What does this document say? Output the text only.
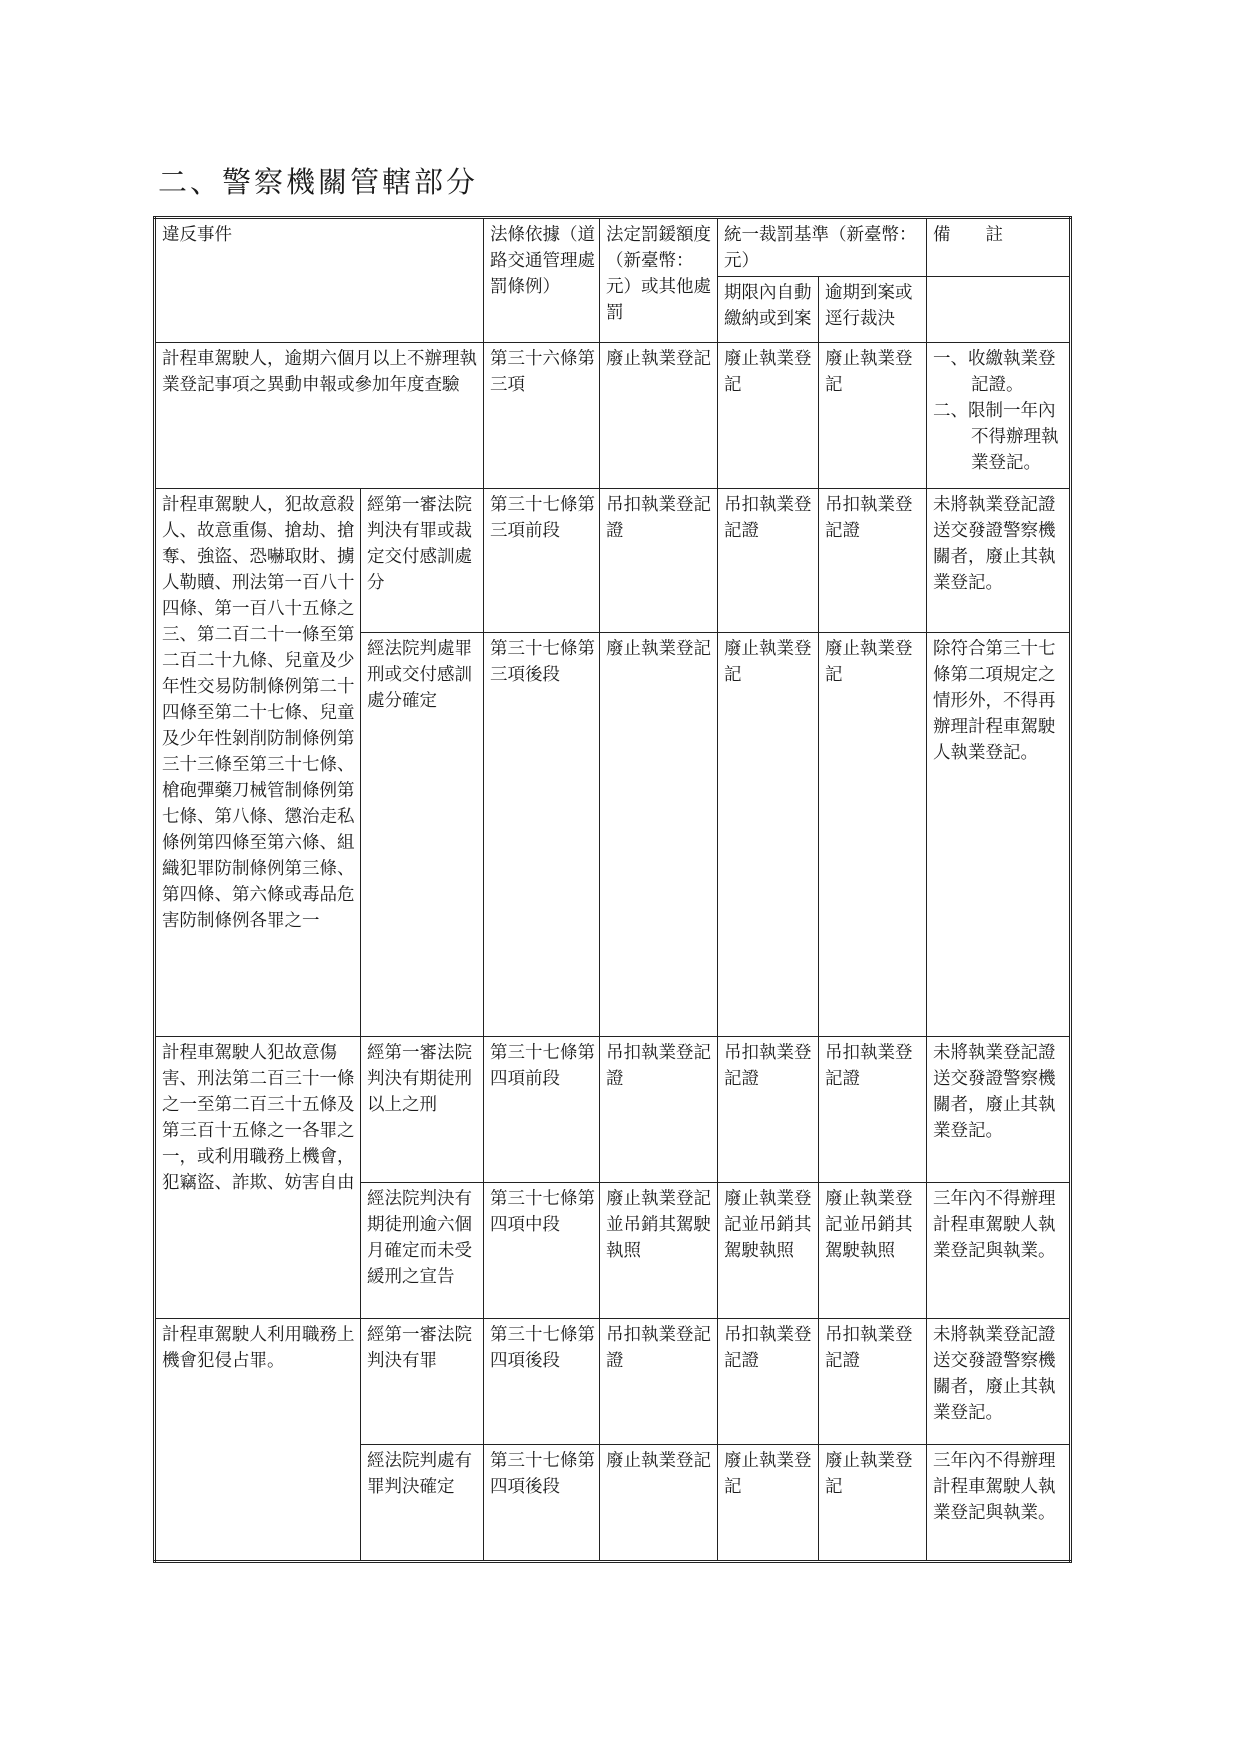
二、警察機關管轄部分
違反事件		法條依據（道路交通管理處罰條例）	法定罰鍰額度（新臺幣：元）或其他處罰	統一裁罰基準（新臺幣：元）		備　　註
				期限內自動繳納或到案	逾期到案或逕行裁決	
計程車駕駛人，逾期六個月以上不辦理執業登記事項之異動申報或參加年度查驗		第三十六條第三項	廢止執業登記	廢止執業登記	廢止執業登記	一、收繳執業登記證。
二、限制一年內不得辦理執業登記。

計程車駕駛人，犯故意殺人、故意重傷、搶劫、搶奪、強盜、恐嚇取財、擄人勒贖、刑法第一百八十四條、第一百八十五條之三、第二百二十一條至第二百二十九條、兒童及少年性交易防制條例第二十四條至第二十七條、兒童及少年性剝削防制條例第三十三條至第三十七條、槍砲彈藥刀械管制條例第七條、第八條、懲治走私條例第四條至第六條、組織犯罪防制條例第三條、第四條、第六條或毒品危害防制條例各罪之一	經第一審法院判決有罪或裁定交付感訓處分	第三十七條第三項前段	吊扣執業登記證	吊扣執業登記證	吊扣執業登記證	未將執業登記證送交發證警察機關者，廢止其執業登記。
	經法院判處罪刑或交付感訓處分確定	第三十七條第三項後段	廢止執業登記	廢止執業登記	廢止執業登記	除符合第三十七條第二項規定之情形外，不得再辦理計程車駕駛人執業登記。
計程車駕駛人犯故意傷害、刑法第二百三十一條之一至第二百三十五條及第三百十五條之一各罪之一，或利用職務上機會，犯竊盜、詐欺、妨害自由	經第一審法院判決有期徒刑以上之刑	第三十七條第四項前段	吊扣執業登記證	吊扣執業登記證	吊扣執業登記證	未將執業登記證送交發證警察機關者，廢止其執業登記。
	經法院判決有期徒刑逾六個月確定而未受緩刑之宣告	第三十七條第四項中段	廢止執業登記並吊銷其駕駛執照	廢止執業登記並吊銷其駕駛執照	廢止執業登記並吊銷其駕駛執照	三年內不得辦理計程車駕駛人執業登記與執業。
計程車駕駛人利用職務上機會犯侵占罪。	經第一審法院判決有罪	第三十七條第四項後段	吊扣執業登記證	吊扣執業登記證	吊扣執業登記證	未將執業登記證送交發證警察機關者，廢止其執業登記。
	經法院判處有罪判決確定	第三十七條第四項後段	廢止執業登記	廢止執業登記	廢止執業登記	三年內不得辦理計程車駕駛人執業登記與執業。
